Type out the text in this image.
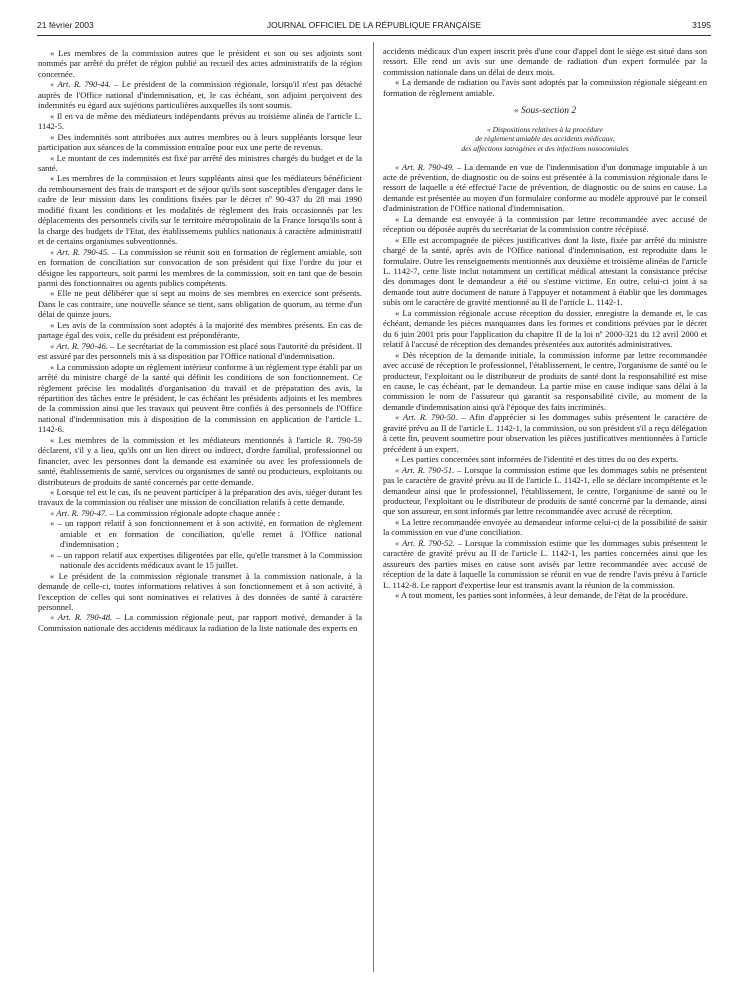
21 février 2003	JOURNAL OFFICIEL DE LA RÉPUBLIQUE FRANÇAISE	3195

« Les membres de la commission autres que le président et son ou ses adjoints sont nommés par arrêté du préfet de région publié au recueil des actes administratifs de la région concernée.

« Art. R. 790-44. – Le président de la commission régionale, lorsqu'il n'est pas détaché auprès de l'Office national d'indemnisation, et, le cas échéant, son adjoint perçoivent des indemnités eu égard aux sujétions particulières auxquelles ils sont soumis.

« Il en va de même des médiateurs indépendants prévus au troisième alinéa de l'article L. 1142-5.

« Des indemnités sont attribuées aux autres membres ou à leurs suppléants lorsque leur participation aux séances de la commission entraîne pour eux une perte de revenus.

« Le montant de ces indemnités est fixé par arrêté des ministres chargés du budget et de la santé.

« Les membres de la commission et leurs suppléants ainsi que les médiateurs bénéficient du remboursement des frais de transport et de séjour qu'ils sont susceptibles d'engager dans le cadre de leur mission dans les conditions fixées par le décret nº 90-437 du 28 mai 1990 modifié fixant les conditions et les modalités de règlement des frais occasionnés par les déplacements des personnels civils sur le territoire métropolitain de la France lorsqu'ils sont à la charge des budgets de l'Etat, des établissements publics nationaux à caractère administratif et de certains organismes subventionnés.

« Art. R. 790-45. – La commission se réunit soit en formation de règlement amiable, soit en formation de conciliation sur convocation de son président qui fixe l'ordre du jour et désigne les rapporteurs, soit parmi les membres de la commission, soit en tant que de besoin parmi des fonctionnaires ou agents publics compétents.

« Elle ne peut délibérer que si sept au moins de ses membres en exercice sont présents. Dans le cas contraire, une nouvelle séance se tient, sans obligation de quorum, au terme d'un délai de quinze jours.

« Les avis de la commission sont adoptés à la majorité des membres présents. En cas de partage égal des voix, celle du président est prépondérante.

« Art. R. 790-46. – Le secrétariat de la commission est placé sous l'autorité du président. Il est assuré par des personnels mis à sa disposition par l'Office national d'indemnisation.

« La commission adopte un règlement intérieur conforme à un règlement type établi par un arrêté du ministre chargé de la santé qui définit les conditions de son fonctionnement. Ce règlement précise les modalités d'organisation du travail et de préparation des avis, la répartition des tâches entre le président, le cas échéant les présidents adjoints et les membres de la commission ainsi que les travaux qui peuvent être confiés à des personnels de l'Office national d'indemnisation mis à disposition de la commission en application de l'article L. 1142-6.

« Les membres de la commission et les médiateurs mentionnés à l'article R. 790-59 déclarent, s'il y a lieu, qu'ils ont un lien direct ou indirect, d'ordre familial, professionnel ou financier, avec les personnes dont la demande est examinée ou avec les professionnels de santé, établissements de santé, services ou organismes de santé ou producteurs, exploitants ou distributeurs de produits de santé concernés par cette demande.

« Lorsque tel est le cas, ils ne peuvent participer à la préparation des avis, siéger durant les travaux de la commission ou réaliser une mission de conciliation relatifs à cette demande.

« Art. R. 790-47. – La commission régionale adopte chaque année :

« – un rapport relatif à son fonctionnement et à son activité, en formation de règlement amiable et en formation de conciliation, qu'elle remet à l'Office national d'indemnisation ;
« – un rapport relatif aux expertises diligentées par elle, qu'elle transmet à la Commission nationale des accidents médicaux avant le 15 juillet.

« Le président de la commission régionale transmet à la commission nationale, à la demande de celle-ci, toutes informations relatives à son fonctionnement et à son activité, à l'exception de celles qui sont nominatives et relatives à des données de santé à caractère personnel.

« Art. R. 790-48. – La commission régionale peut, par rapport motivé, demander à la Commission nationale des accidents médicaux la radiation de la liste nationale des experts en

accidents médicaux d'un expert inscrit près d'une cour d'appel dont le siège est situé dans son ressort. Elle rend un avis sur une demande de radiation d'un expert formulée par la commission nationale dans un délai de deux mois.

« La demande de radiation ou l'avis sont adoptés par la commission régionale siégeant en formation de règlement amiable.

« Sous-section 2
« Dispositions relatives à la procédure
de règlement amiable des accidents médicaux,
des affections iatrogènes et des infections nosocomiales

« Art. R. 790-49. – La demande en vue de l'indemnisation d'un dommage imputable à un acte de prévention, de diagnostic ou de soins est présentée à la commission régionale dans le ressort de laquelle a été effectué l'acte de prévention, de diagnostic ou de soins en cause. La demande est présentée au moyen d'un formulaire conforme au modèle approuvé par le conseil d'administration de l'Office national d'indemnisation.

« La demande est envoyée à la commission par lettre recommandée avec accusé de réception ou déposée auprès du secrétariat de la commission contre récépissé.

« Elle est accompagnée de pièces justificatives dont la liste, fixée par arrêté du ministre chargé de la santé, après avis de l'Office national d'indemnisation, est reproduite dans le formulaire. Outre les renseignements mentionnés aux deuxième et troisième alinéas de l'article L. 1142-7, cette liste inclut notamment un certificat médical attestant la consistance précise des dommages dont le demandeur a été ou s'estime victime. En outre, celui-ci joint à sa demande tout autre document de nature à l'appuyer et notamment à établir que les dommages subis ont le caractère de gravité mentionné au II de l'article L. 1142-1.

« La commission régionale accuse réception du dossier, enregistre la demande et, le cas échéant, demande les pièces manquantes dans les formes et conditions prévues par le décret du 6 juin 2001 pris pour l'application du chapitre II de la loi nº 2000-321 du 12 avril 2000 et relatif à l'accusé de réception des demandes présentées aux autorités administratives.

« Dès réception de la demande initiale, la commission informe par lettre recommandée avec accusé de réception le professionnel, l'établissement, le centre, l'organisme de santé ou le producteur, l'exploitant ou le distributeur de produits de santé dont la responsabilité est mise en cause, le cas échéant, par le demandeur. La partie mise en cause indique sans délai à la commission le nom de l'assureur qui garantit sa responsabilité civile, au moment de la demande d'indemnisation ainsi qu'à l'époque des faits incriminés.

« Art. R. 790-50. – Afin d'apprécier si les dommages subis présentent le caractère de gravité prévu au II de l'article L. 1142-1, la commission, ou son président s'il a reçu délégation à cette fin, peuvent soumettre pour observation les pièces justificatives mentionnées à l'article précédent à un expert.

« Les parties concernées sont informées de l'identité et des titres du ou des experts.

« Art. R. 790-51. – Lorsque la commission estime que les dommages subis ne présentent pas le caractère de gravité prévu au II de l'article L. 1142-1, elle se déclare incompétente et le demandeur ainsi que le professionnel, l'établissement, le centre, l'organisme de santé ou le producteur, l'exploitant ou le distributeur de produits de santé concerné par la demande, ainsi que son assureur, en sont informés par lettre recommandée avec accusé de réception.

« La lettre recommandée envoyée au demandeur informe celui-ci de la possibilité de saisir la commission en vue d'une conciliation.

« Art. R. 790-52. – Lorsque la commission estime que les dommages subis présentent le caractère de gravité prévu au II de l'article L. 1142-1, les parties concernées ainsi que les assureurs des parties mises en cause sont avisés par lettre recommandée avec accusé de réception de la date à laquelle la commission se réunit en vue de rendre l'avis prévu à l'article L. 1142-8. Le rapport d'expertise leur est transmis avant la réunion de la commission.

« A tout moment, les parties sont informées, à leur demande, de l'état de la procédure.
